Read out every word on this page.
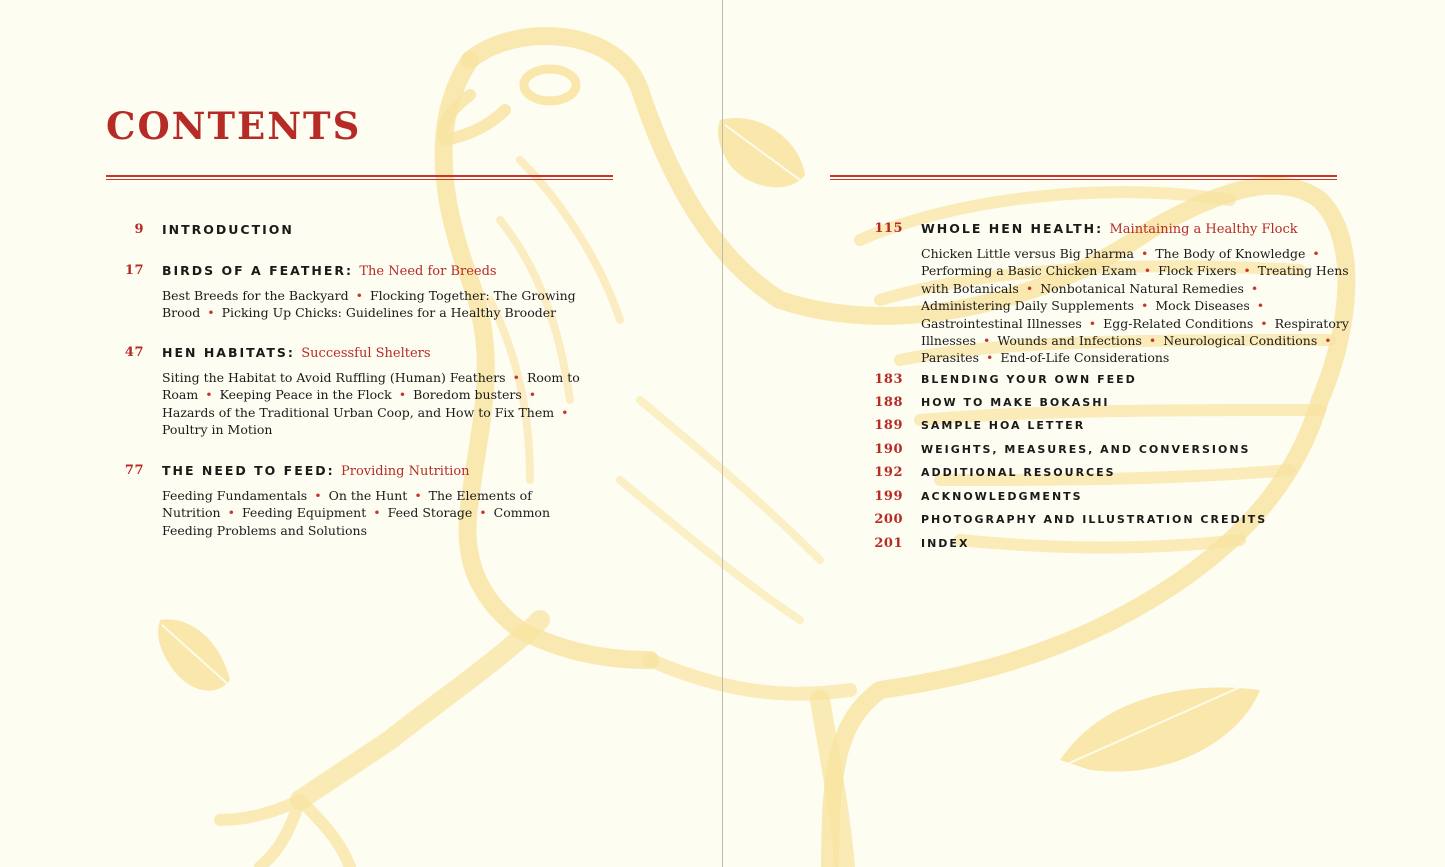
CONTENTS
9 INTRODUCTION
17 BIRDS OF A FEATHER: The Need for Breeds
Best Breeds for the Backyard • Flocking Together: The Growing Brood • Picking Up Chicks: Guidelines for a Healthy Brooder
47 HEN HABITATS: Successful Shelters
Siting the Habitat to Avoid Ruffling (Human) Feathers • Room to Roam • Keeping Peace in the Flock • Boredom busters • Hazards of the Traditional Urban Coop, and How to Fix Them • Poultry in Motion
77 THE NEED TO FEED: Providing Nutrition
Feeding Fundamentals • On the Hunt • The Elements of Nutrition • Feeding Equipment • Feed Storage • Common Feeding Problems and Solutions
115 WHOLE HEN HEALTH: Maintaining a Healthy Flock
Chicken Little versus Big Pharma • The Body of Knowledge • Performing a Basic Chicken Exam • Flock Fixers • Treating Hens with Botanicals • Nonbotanical Natural Remedies • Administering Daily Supplements • Mock Diseases • Gastrointestinal Illnesses • Egg-Related Conditions • Respiratory Illnesses • Wounds and Infections • Neurological Conditions • Parasites • End-of-Life Considerations
183 BLENDING YOUR OWN FEED
188 HOW TO MAKE BOKASHI
189 SAMPLE HOA LETTER
190 WEIGHTS, MEASURES, AND CONVERSIONS
192 ADDITIONAL RESOURCES
199 ACKNOWLEDGMENTS
200 PHOTOGRAPHY AND ILLUSTRATION CREDITS
201 INDEX
